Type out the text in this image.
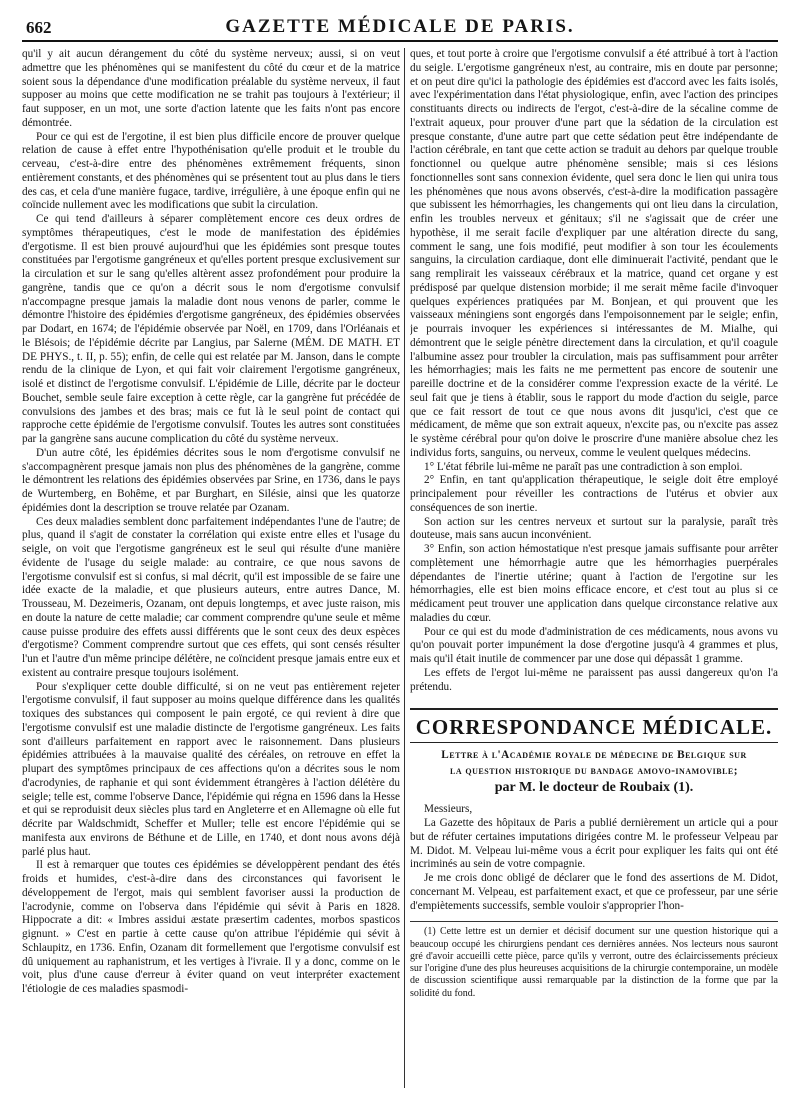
662	GAZETTE MÉDICALE DE PARIS.

qu'il y ait aucun dérangement du côté du système nerveux; aussi, si on veut admettre que les phénomènes qui se manifestent du côté du cœur et de la matrice soient sous la dépendance d'une modification préalable du système nerveux, il faut supposer au moins que cette modification ne se trahit pas toujours à l'extérieur; il faut supposer, en un mot, une sorte d'action latente que les faits n'ont pas encore démontrée.

Pour ce qui est de l'ergotine, il est bien plus difficile encore de prouver quelque relation de cause à effet entre l'hypothénisation qu'elle produit et le trouble du cerveau, c'est-à-dire entre des phénomènes extrêmement fréquents, sinon entièrement constants, et des phénomènes qui se présentent tout au plus dans le tiers des cas, et cela d'une manière fugace, tardive, irrégulière, à une époque enfin qui ne coïncide nullement avec les modifications que subit la circulation.

Ce qui tend d'ailleurs à séparer complètement encore ces deux ordres de symptômes thérapeutiques, c'est le mode de manifestation des épidémies d'ergotisme. Il est bien prouvé aujourd'hui que les épidémies sont presque toutes constituées par l'ergotisme gangréneux et qu'elles portent presque exclusivement sur la circulation et sur le sang qu'elles altèrent assez profondément pour produire la gangrène, tandis que ce qu'on a décrit sous le nom d'ergotisme convulsif n'accompagne presque jamais la maladie dont nous venons de parler, comme le démontre l'histoire des épidémies d'ergotisme gangréneux, des épidémies observées par Dodart, en 1674; de l'épidémie observée par Noël, en 1709, dans l'Orléanais et le Blésois; de l'épidémie décrite par Langius, par Salerne (MÉM. DE MATH. ET DE PHYS., t. II, p. 55); enfin, de celle qui est relatée par M. Janson, dans le compte rendu de la clinique de Lyon, et qui fait voir clairement l'ergotisme gangréneux, isolé et distinct de l'ergotisme convulsif. L'épidémie de Lille, décrite par le docteur Bouchet, semble seule faire exception à cette règle, car la gangrène fut précédée de convulsions des jambes et des bras; mais ce fut là le seul point de contact qui rapproche cette épidémie de l'ergotisme convulsif. Toutes les autres sont constituées par la gangrène sans aucune complication du côté du système nerveux.

D'un autre côté, les épidémies décrites sous le nom d'ergotisme convulsif ne s'accompagnèrent presque jamais non plus des phénomènes de la gangrène, comme le démontrent les relations des épidémies observées par Srine, en 1736, dans le pays de Wurtemberg, en Bohême, et par Burghart, en Silésie, ainsi que les quatorze épidémies dont la description se trouve relatée par Ozanam.

Ces deux maladies semblent donc parfaitement indépendantes l'une de l'autre; de plus, quand il s'agit de constater la corrélation qui existe entre elles et l'usage du seigle, on voit que l'ergotisme gangréneux est le seul qui résulte d'une manière évidente de l'usage du seigle malade: au contraire, ce que nous savons de l'ergotisme convulsif est si confus, si mal décrit, qu'il est impossible de se faire une idée exacte de la maladie, et que plusieurs auteurs, entre autres Dance, M. Trousseau, M. Dezeimeris, Ozanam, ont depuis longtemps, et avec juste raison, mis en doute la nature de cette maladie; car comment comprendre qu'une seule et même cause puisse produire des effets aussi différents que le sont ceux des deux espèces d'ergotisme? Comment comprendre surtout que ces effets, qui sont censés résulter l'un et l'autre d'un même principe délétère, ne coïncident presque jamais entre eux et existent au contraire presque toujours isolément.

Pour s'expliquer cette double difficulté, si on ne veut pas entièrement rejeter l'ergotisme convulsif, il faut supposer au moins quelque différence dans les qualités toxiques des substances qui composent le pain ergoté, ce qui revient à dire que l'ergotisme convulsif est une maladie distincte de l'ergotisme gangréneux. Les faits sont d'ailleurs parfaitement en rapport avec le raisonnement. Dans plusieurs épidémies attribuées à la mauvaise qualité des céréales, on retrouve en effet la plupart des symptômes principaux de ces affections qu'on a décrites sous le nom d'acrodynies, de raphanie et qui sont évidemment étrangères à l'action délétère du seigle; telle est, comme l'observe Dance, l'épidémie qui régna en 1596 dans la Hesse et qui se reproduisit deux siècles plus tard en Angleterre et en Allemagne où elle fut décrite par Waldschmidt, Scheffer et Muller; telle est encore l'épidémie qui se manifesta aux environs de Béthune et de Lille, en 1740, et dont nous avons déjà parlé plus haut.

Il est à remarquer que toutes ces épidémies se développèrent pendant des étés froids et humides, c'est-à-dire dans des circonstances qui favorisent le développement de l'ergot, mais qui semblent favoriser aussi la production de l'acrodynie, comme on l'observa dans l'épidémie qui sévit à Paris en 1828. Hippocrate a dit: « Imbres assidui æstate præsertim cadentes, morbos spasticos gignunt. » C'est en partie à cette cause qu'on attribue l'épidémie qui sévit à Schlaupitz, en 1736. Enfin, Ozanam dit formellement que l'ergotisme convulsif est dû uniquement au raphanistrum, et les vertiges à l'ivraie. Il y a donc, comme on le voit, plus d'une cause d'erreur à éviter quand on veut interpréter exactement l'étiologie de ces maladies spasmodi-

ques, et tout porte à croire que l'ergotisme convulsif a été attribué à tort à l'action du seigle. L'ergotisme gangréneux n'est, au contraire, mis en doute par personne; et on peut dire qu'ici la pathologie des épidémies est d'accord avec les faits isolés, avec l'expérimentation dans l'état physiologique, enfin, avec l'action des principes constituants directs ou indirects de l'ergot, c'est-à-dire de la sécaline comme de l'extrait aqueux, pour prouver d'une part que la sédation de la circulation est presque constante, d'une autre part que cette sédation peut être indépendante de l'action cérébrale, en tant que cette action se traduit au dehors par quelque trouble fonctionnel ou quelque autre phénomène sensible; mais si ces lésions fonctionnelles sont sans connexion évidente, quel sera donc le lien qui unira tous les phénomènes que nous avons observés, c'est-à-dire la modification passagère que subissent les hémorrhagies, les changements qui ont lieu dans la circulation, enfin les troubles nerveux et génitaux; s'il ne s'agissait que de créer une hypothèse, il me serait facile d'expliquer par une altération directe du sang, comment le sang, une fois modifié, peut modifier à son tour les écoulements sanguins, la circulation cardiaque, dont elle diminuerait l'activité, pendant que le sang remplirait les vaisseaux cérébraux et la matrice, quand cet organe y est prédisposé par quelque distension morbide; il me serait même facile d'invoquer quelques expériences pratiquées par M. Bonjean, et qui prouvent que les vaisseaux méningiens sont engorgés dans l'empoisonnement par le seigle; enfin, je pourrais invoquer les expériences si intéressantes de M. Mialhe, qui démontrent que le seigle pénètre directement dans la circulation, et qu'il coagule l'albumine assez pour troubler la circulation, mais pas suffisamment pour arrêter les hémorrhagies; mais les faits ne me permettent pas encore de soutenir une pareille doctrine et de la considérer comme l'expression exacte de la vérité. Le seul fait que je tiens à établir, sous le rapport du mode d'action du seigle, parce que ce fait ressort de tout ce que nous avons dit jusqu'ici, c'est que ce médicament, de même que son extrait aqueux, n'excite pas, ou n'excite pas assez le système cérébral pour qu'on doive le proscrire d'une manière absolue chez les individus forts, sanguins, ou nerveux, comme le veulent quelques médecins.

1° L'état fébrile lui-même ne paraît pas une contradiction à son emploi.

2° Enfin, en tant qu'application thérapeutique, le seigle doit être employé principalement pour réveiller les contractions de l'utérus et obvier aux conséquences de son inertie.

Son action sur les centres nerveux et surtout sur la paralysie, paraît très douteuse, mais sans aucun inconvénient.

3° Enfin, son action hémostatique n'est presque jamais suffisante pour arrêter complètement une hémorrhagie autre que les hémorrhagies puerpérales dépendantes de l'inertie utérine; quant à l'action de l'ergotine sur les hémorrhagies, elle est bien moins efficace encore, et c'est tout au plus si ce médicament peut trouver une application dans quelque circonstance relative aux maladies du cœur.

Pour ce qui est du mode d'administration de ces médicaments, nous avons vu qu'on pouvait porter impunément la dose d'ergotine jusqu'à 4 grammes et plus, mais qu'il était inutile de commencer par une dose qui dépassât 1 gramme.

Les effets de l'ergot lui-même ne paraissent pas aussi dangereux qu'on l'a prétendu.

CORRESPONDANCE MÉDICALE.
Lettre à l'Académie royale de médecine de Belgique sur
la question historique du bandage amovo-inamovible;
par M. le docteur de Roubaix (1).

Messieurs,

La Gazette des hôpitaux de Paris a publié dernièrement un article qui a pour but de réfuter certaines imputations dirigées contre M. le professeur Velpeau par M. Didot. M. Velpeau lui-même vous a écrit pour expliquer les faits qui ont été incriminés au sein de votre compagnie.

Je me crois donc obligé de déclarer que le fond des assertions de M. Didot, concernant M. Velpeau, est parfaitement exact, et que ce professeur, par une série d'empiètements successifs, semble vouloir s'approprier l'hon-

(1) Cette lettre est un dernier et décisif document sur une question historique qui a beaucoup occupé les chirurgiens pendant ces dernières années. Nos lecteurs nous sauront gré d'avoir accueilli cette pièce, parce qu'ils y verront, outre des éclaircissements précieux sur l'origine d'une des plus heureuses acquisitions de la chirurgie contemporaine, un modèle de discussion scientifique aussi remarquable par la distinction de la forme que par la solidité du fond.
